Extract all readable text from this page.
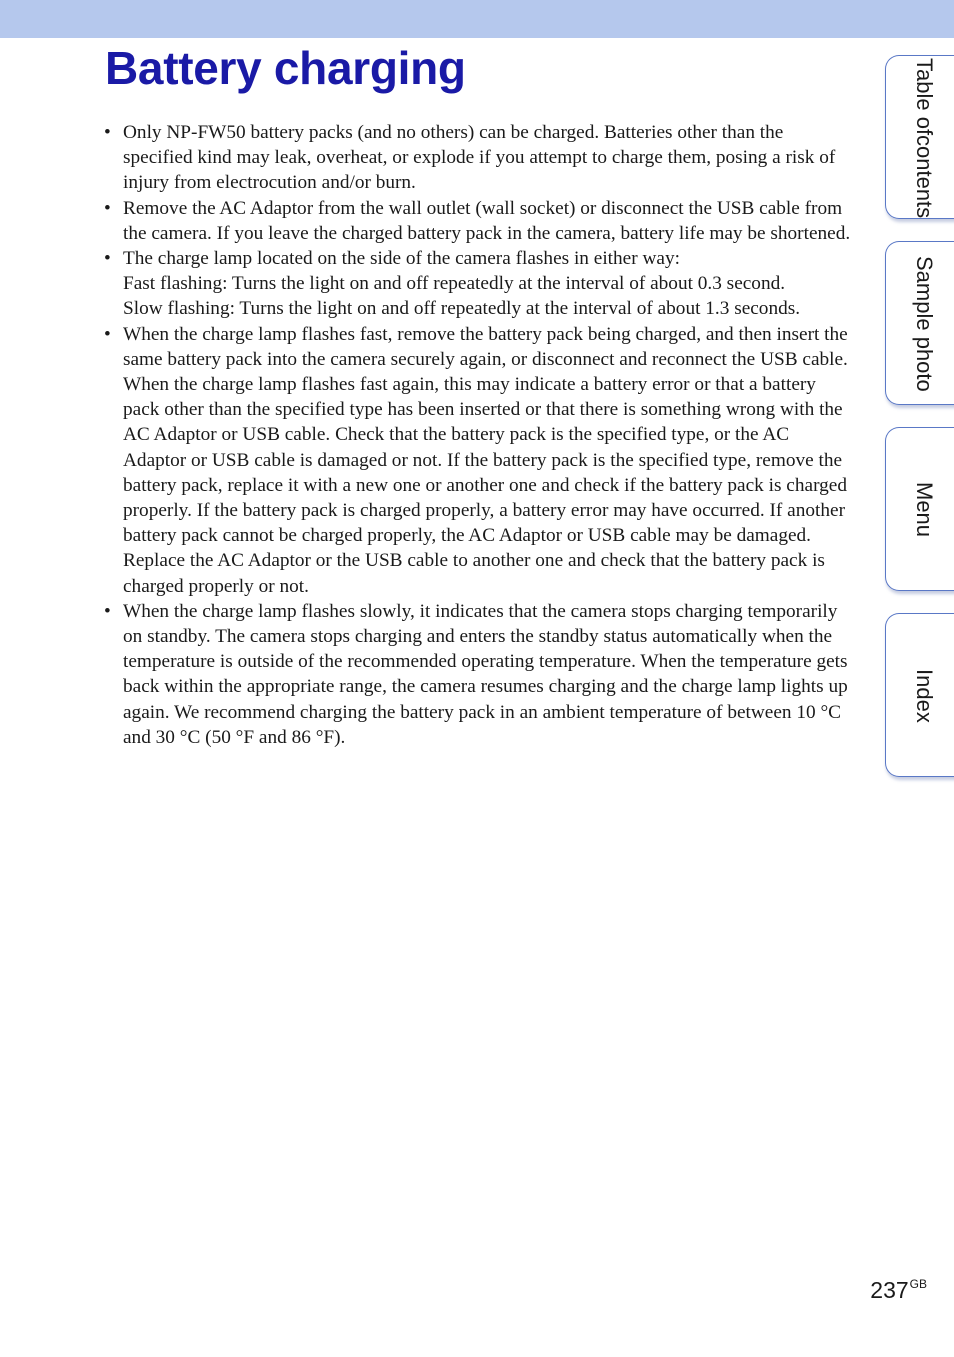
Battery charging
• Only NP-FW50 battery packs (and no others) can be charged. Batteries other than the specified kind may leak, overheat, or explode if you attempt to charge them, posing a risk of injury from electrocution and/or burn.
• Remove the AC Adaptor from the wall outlet (wall socket) or disconnect the USB cable from the camera. If you leave the charged battery pack in the camera, battery life may be shortened.
• The charge lamp located on the side of the camera flashes in either way:
Fast flashing: Turns the light on and off repeatedly at the interval of about 0.3 second.
Slow flashing: Turns the light on and off repeatedly at the interval of about 1.3 seconds.
• When the charge lamp flashes fast, remove the battery pack being charged, and then insert the same battery pack into the camera securely again, or disconnect and reconnect the USB cable. When the charge lamp flashes fast again, this may indicate a battery error or that a battery pack other than the specified type has been inserted or that there is something wrong with the AC Adaptor or USB cable. Check that the battery pack is the specified type, or the AC Adaptor or USB cable is damaged or not. If the battery pack is the specified type, remove the battery pack, replace it with a new one or another one and check if the battery pack is charged properly. If the battery pack is charged properly, a battery error may have occurred. If another battery pack cannot be charged properly, the AC Adaptor or USB cable may be damaged. Replace the AC Adaptor or the USB cable to another one and check that the battery pack is charged properly or not.
• When the charge lamp flashes slowly, it indicates that the camera stops charging temporarily on standby. The camera stops charging and enters the standby status automatically when the temperature is outside of the recommended operating temperature. When the temperature gets back within the appropriate range, the camera resumes charging and the charge lamp lights up again. We recommend charging the battery pack in an ambient temperature of between 10 °C and 30 °C (50 °F and 86 °F).
Table of
contents
Sample photo
Menu
Index
$237^{GB}$
